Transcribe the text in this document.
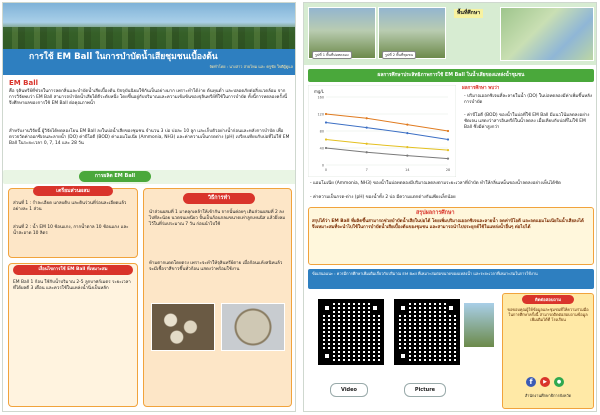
การใช้ EM Ball ในการบำบัดน้ำเสียชุมชนเบื้องต้น
จัดทำโดย : นางสาว สายไหม และ ครูชัย ใจดีผู้ดูแล
EM Ball
คือ จุลินทรีย์ที่ช่วยในการลดกลิ่นและบำบัดน้ำเสียเบื้องต้น ปัจจุบันนิยมใช้กันเป็นอย่างมาก เพราะทำได้ง่าย ต้นทุนต่ำ และปลอดภัยต่อสิ่งแวดล้อม จากการวิจัยพบว่า EM Ball สามารถบำบัดน้ำเสียได้ดีระดับหนึ่ง โดยขึ้นอยู่กับปริมาณและความเข้มข้นของจุลินทรีย์ที่ใช้ในการบำบัด ทั้งนี้การทดลองครั้งนี้จึงศึกษาผลของการใช้ EM Ball ต่อคุณภาพน้ำ
สำหรับงานวิจัยนี้ ผู้วิจัยได้ทดลองโยน EM Ball ลงในบ่อน้ำเสียของชุมชน จำนวน 3 บ่อ บ่อละ 10 ลูก และเก็บตัวอย่างน้ำก่อนและหลังการบำบัด เพื่อตรวจวัดค่าออกซิเจนละลายน้ำ (DO) ค่าบีโอดี (BOD) ค่าแอมโมเนีย (Ammonia, NH3) และค่าความเป็นกรดด่าง (pH) เปรียบเทียบกับบ่อที่ไม่ใช้ EM Ball ในระยะเวลา 0, 7, 14 และ 28 วัน
การผลิต EM Ball
เตรียมส่วนผสม
ส่วนที่ 1 : รำละเอียด แกลบดิบ และดินร่วนที่ร่อนละเอียดแล้ว อย่างละ 1 ส่วน
ส่วนที่ 2 : น้ำ EM 10 ช้อนแกง, กากน้ำตาล 10 ช้อนแกง และน้ำสะอาด 10 ลิตร
เงื่อนไขการใช้ EM Ball ที่เหมาะสม
EM Ball 1 ก้อน ใช้กับน้ำปริมาณ 2-5 ลูกบาศก์เมตร ระยะเวลาที่ได้ผลดี 3 เดือน และควรใช้ในแหล่งน้ำนิ่งเป็นหลัก
วิธีการทำ
นำส่วนผสมที่ 1 มาคลุกเคล้าให้เข้ากัน จากนั้นค่อยๆ เติมส่วนผสมที่ 2 ลงไปทีละน้อย นวดจนเหนียว ปั้นเป็นก้อนกลมขนาดเท่าลูกเทนนิส แล้วผึ่งลมไว้ในที่ร่มประมาณ 7 วัน ก่อนนำไปใช้
ห้ามตากแดดโดยตรง เพราะจะทำให้จุลินทรีย์ตาย เมื่อก้อนแห้งสนิทแล้วจะมีเชื้อราสีขาวขึ้นทั่วก้อน แสดงว่าพร้อมใช้งาน
รูปที่ 1 พื้นที่บ่อทดลอง	รูปที่ 2 พื้นที่ชุมชน
พื้นที่ศึกษา
ผลการศึกษาประสิทธิภาพการใช้ EM Ball ในน้ำเสียของแหล่งน้ำชุมชน
mg/L
0
40
80
120
160
0	7	14	28
ผลการศึกษา พบว่า
- ปริมาณออกซิเจนที่ละลายในน้ำ (DO) ในบ่อทดลองมีค่าเพิ่มขึ้นหลังการบำบัด
- ค่าบีโอดี (BOD) ของน้ำในบ่อที่ใช้ EM Ball มีแนวโน้มลดลงอย่างชัดเจน แสดงว่าสารอินทรีย์ในน้ำลดลง เมื่อเทียบกับบ่อที่ไม่ใช้ EM Ball ซึ่งมีค่าสูงกว่า
- แอมโมเนีย (Ammonia, NH3) ของน้ำในบ่อทดลองมีปริมาณลดลงตามระยะเวลาที่บำบัด ทำให้กลิ่นเหม็นของน้ำลดลงอย่างเห็นได้ชัด
- ค่าความเป็นกรด-ด่าง (pH) ของน้ำทั้ง 2 บ่อ มีความแตกต่างกันเพียงเล็กน้อย
สรุปผลการศึกษา
สรุปได้ว่า EM Ball ที่ผลิตขึ้นสามารถช่วยบำบัดน้ำเสียในบ่อได้ โดยเพิ่มปริมาณออกซิเจนละลายน้ำ ลดค่าบีโอดี และลดแอมโมเนียในน้ำเสียลงได้ จึงเหมาะสมที่จะนำไปใช้ในการบำบัดน้ำเสียเบื้องต้นของชุมชน และสามารถนำไปประยุกต์ใช้ในแหล่งน้ำอื่นๆ ต่อไปได้
ข้อเสนอแนะ : ควรมีการศึกษาเพิ่มเติมเกี่ยวกับปริมาณ EM Ball ที่เหมาะสมต่อขนาดของแหล่งน้ำ และระยะเวลาที่เหมาะสมในการใช้งาน
Video	Picture
ติดต่อสอบถาม
ขอขอบคุณผู้ให้ข้อมูลและชุมชนที่ให้ความร่วมมือในการศึกษาครั้งนี้ สามารถติดต่อสอบถามข้อมูลเพิ่มเติมได้ที่ โรงเรียน
f	▶	●
สำนักงานศึกษาธิการจังหวัด
